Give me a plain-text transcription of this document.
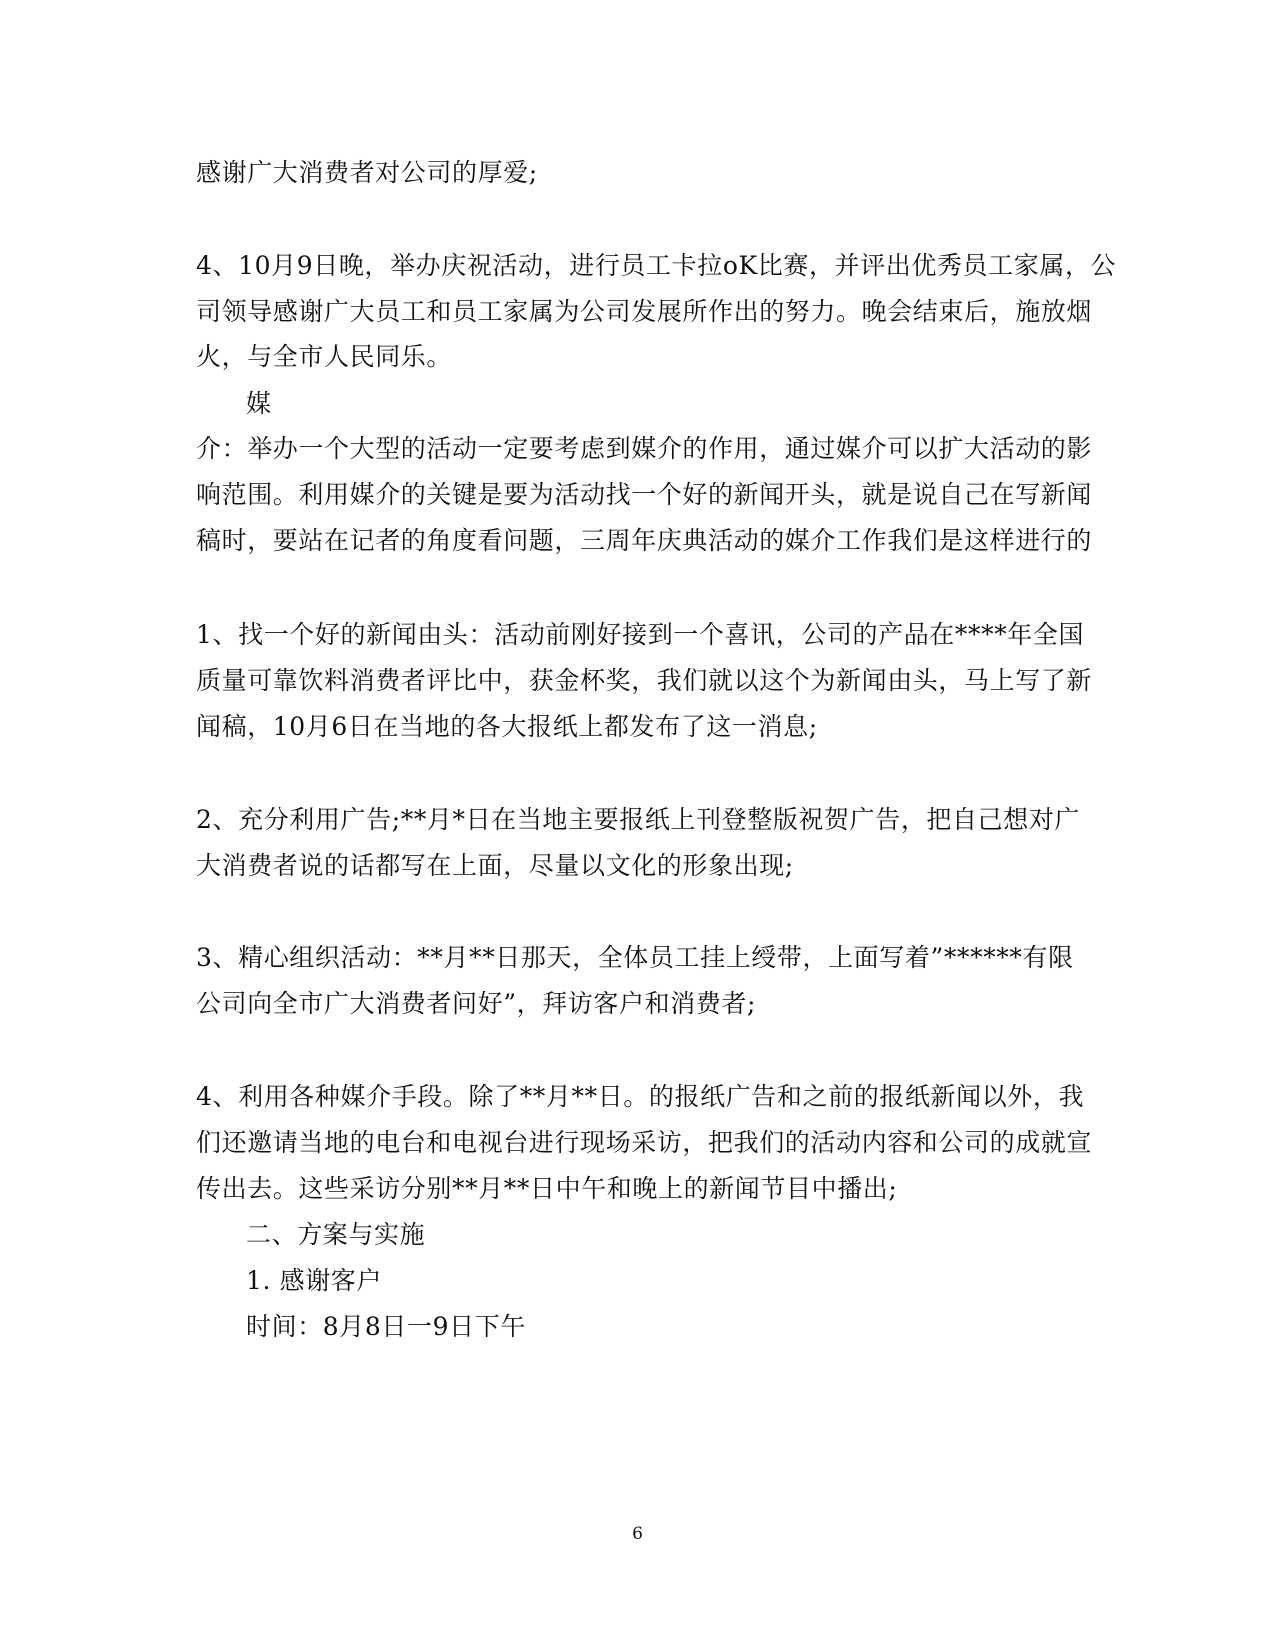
感谢广大消费者对公司的厚爱;
4、10月9日晚，举办庆祝活动，进行员工卡拉oK比赛，并评出优秀员工家属，公
司领导感谢广大员工和员工家属为公司发展所作出的努力。晚会结束后，施放烟
火，与全市人民同乐。
媒
介：举办一个大型的活动一定要考虑到媒介的作用，通过媒介可以扩大活动的影
响范围。利用媒介的关键是要为活动找一个好的新闻开头，就是说自己在写新闻
稿时，要站在记者的角度看问题，三周年庆典活动的媒介工作我们是这样进行的
1、找一个好的新闻由头：活动前刚好接到一个喜讯，公司的产品在****年全国
质量可靠饮料消费者评比中，获金杯奖，我们就以这个为新闻由头，马上写了新
闻稿，10月6日在当地的各大报纸上都发布了这一消息;
2、充分利用广告;**月*日在当地主要报纸上刊登整版祝贺广告，把自己想对广
大消费者说的话都写在上面，尽量以文化的形象出现;
3、精心组织活动：**月**日那天，全体员工挂上绶带，上面写着”******有限
公司向全市广大消费者问好”，拜访客户和消费者;
4、利用各种媒介手段。除了**月**日。的报纸广告和之前的报纸新闻以外，我
们还邀请当地的电台和电视台进行现场采访，把我们的活动内容和公司的成就宣
传出去。这些采访分别**月**日中午和晚上的新闻节目中播出;
二、方案与实施
1. 感谢客户
时间：8月8日一9日下午
6
